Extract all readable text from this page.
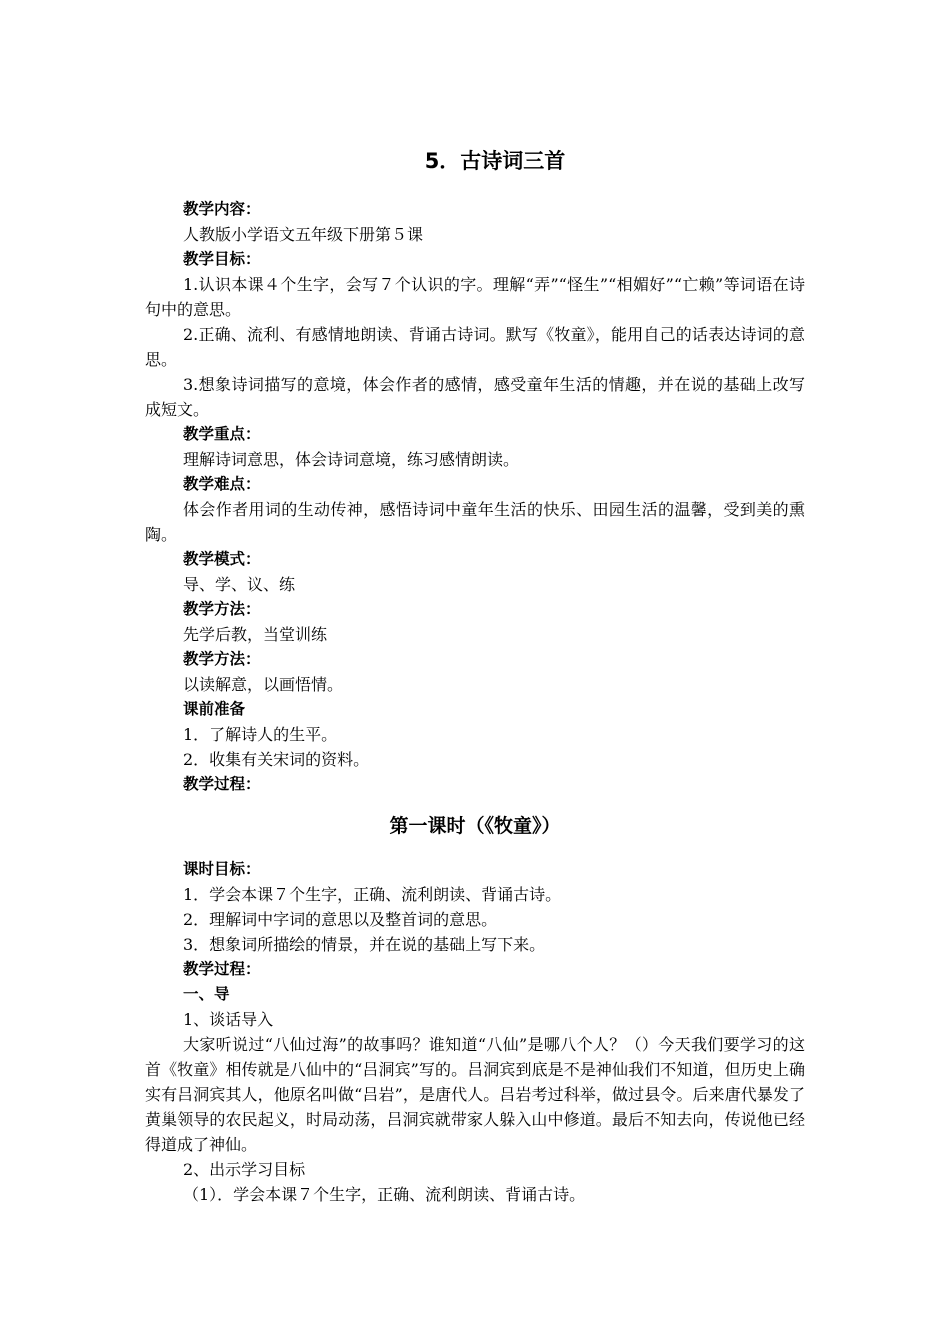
5．古诗词三首
教学内容：
人教版小学语文五年级下册第５课
教学目标：

1.认识本课４个生字，会写７个认识的字。理解“弄”“怪生”“相媚好”“亡赖”等词语在诗句中的意思。

2.正确、流利、有感情地朗读、背诵古诗词。默写《牧童》，能用自己的话表达诗词的意思。

3.想象诗词描写的意境，体会作者的感情，感受童年生活的情趣，并在说的基础上改写成短文。

教学重点：
理解诗词意思，体会诗词意境，练习感情朗读。
教学难点：

体会作者用词的生动传神，感悟诗词中童年生活的快乐、田园生活的温馨，受到美的熏陶。

教学模式：
导、学、议、练
教学方法：
先学后教，当堂训练
教学方法：
以读解意，以画悟情。
课前准备
1．了解诗人的生平。
2．收集有关宋词的资料。
教学过程：
第一课时（《牧童》）
课时目标：
1．学会本课７个生字，正确、流利朗读、背诵古诗。
2．理解词中字词的意思以及整首词的意思。
3．想象词所描绘的情景，并在说的基础上写下来。
教学过程：
一、导
1、谈话导入

大家听说过“八仙过海”的故事吗？谁知道“八仙”是哪八个人？（）今天我们要学习的这首《牧童》相传就是八仙中的“吕洞宾”写的。吕洞宾到底是不是神仙我们不知道，但历史上确实有吕洞宾其人，他原名叫做“吕岩”，是唐代人。吕岩考过科举，做过县令。后来唐代暴发了黄巢领导的农民起义，时局动荡，吕洞宾就带家人躲入山中修道。最后不知去向，传说他已经得道成了神仙。

2、出示学习目标
（1）．学会本课７个生字，正确、流利朗读、背诵古诗。
